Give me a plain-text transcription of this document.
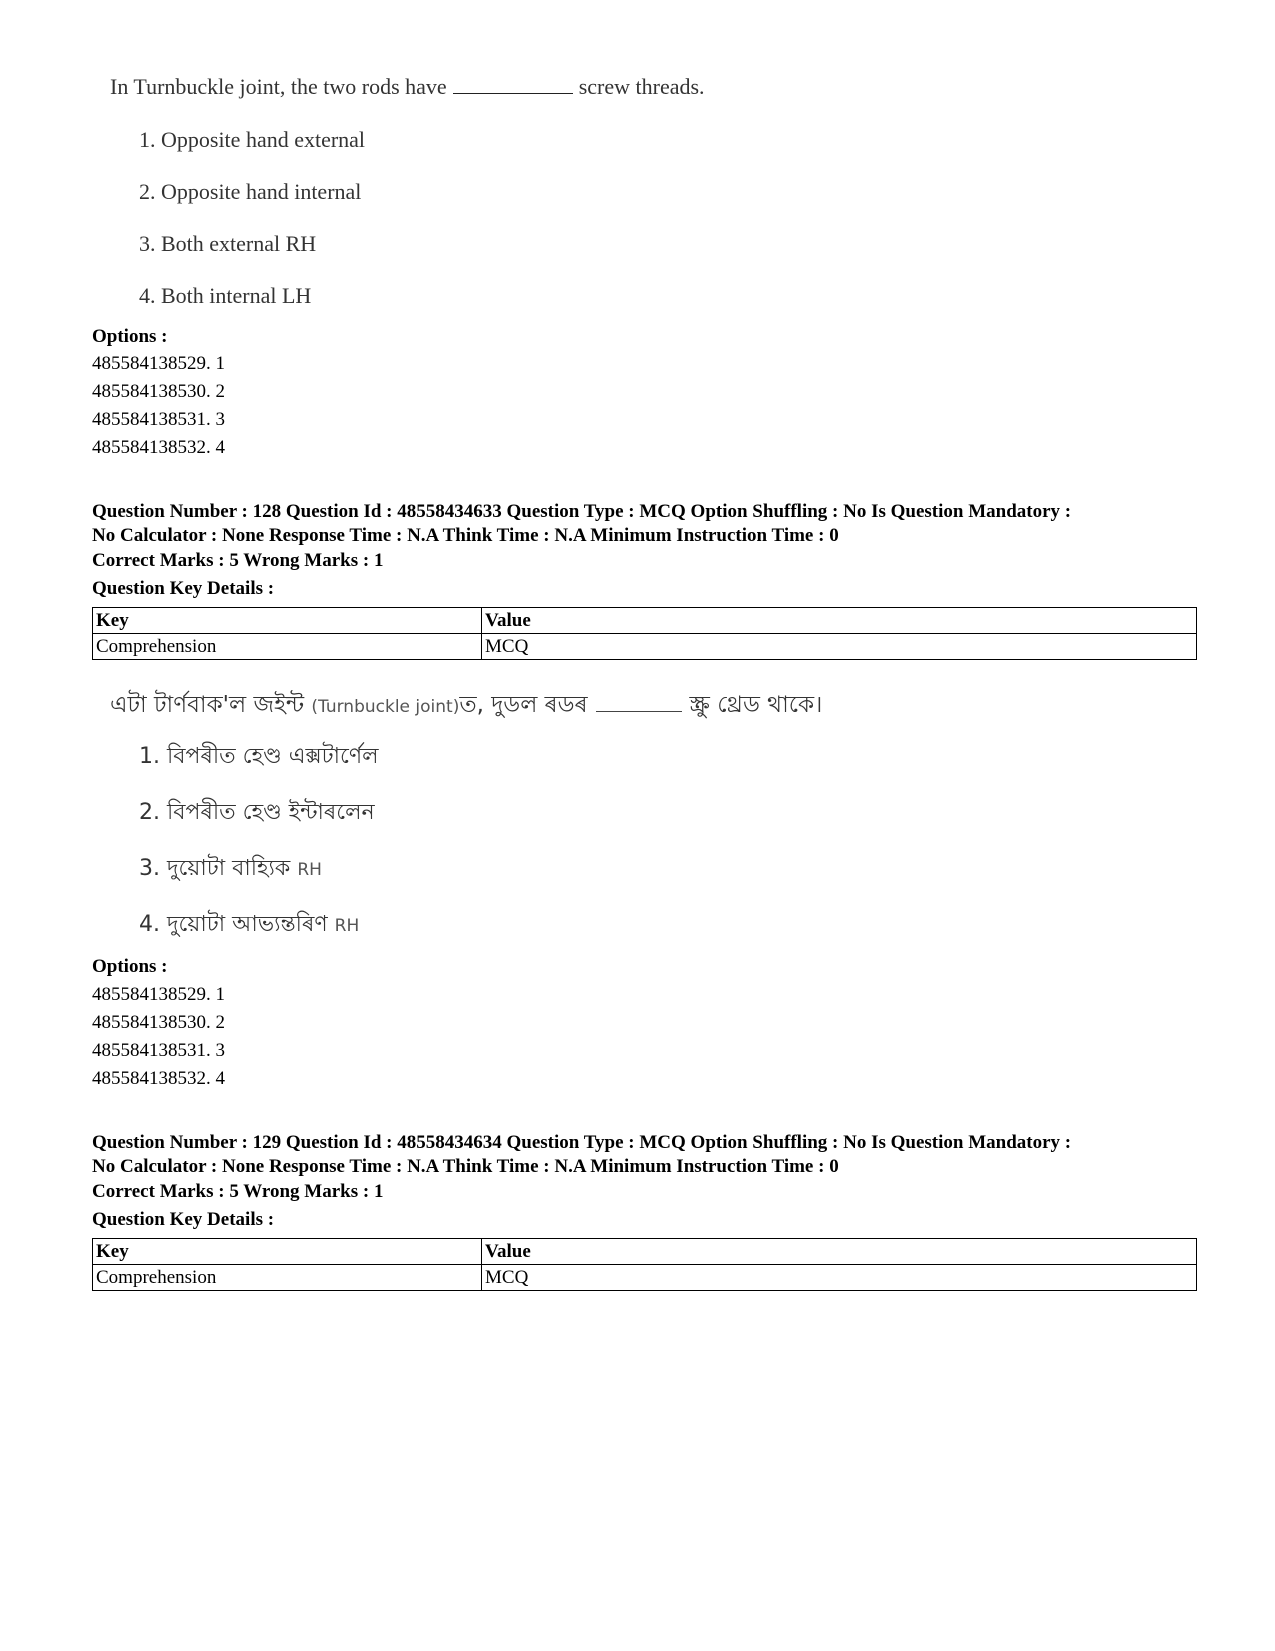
In Turnbuckle joint, the two rods have	screw threads.
1. Opposite hand external
2. Opposite hand internal
3. Both external RH
4. Both internal LH
Options :
485584138529. 1
485584138530. 2
485584138531. 3
485584138532. 4
Question Number : 128 Question Id : 48558434633 Question Type : MCQ Option Shuffling : No Is Question Mandatory :
No Calculator : None Response Time : N.A Think Time : N.A Minimum Instruction Time : 0
Correct Marks : 5 Wrong Marks : 1
Question Key Details :
Key	Value
Comprehension	MCQ
এটা টাৰ্ণবাক'ল জইন্ট (Turnbuckle joint)ত, দুডল ৰডৰ	স্ক্ৰু থ্ৰেড থাকে।
1. বিপৰীত হেণ্ড এক্সটাৰ্ণেল
2. বিপৰীত হেণ্ড ইন্টাৰলেন
3. দুয়োটা বাহ্যিক RH
4. দুয়োটা আভ্যন্তৰিণ RH
Options :
485584138529. 1
485584138530. 2
485584138531. 3
485584138532. 4
Question Number : 129 Question Id : 48558434634 Question Type : MCQ Option Shuffling : No Is Question Mandatory :
No Calculator : None Response Time : N.A Think Time : N.A Minimum Instruction Time : 0
Correct Marks : 5 Wrong Marks : 1
Question Key Details :
Key	Value
Comprehension	MCQ
